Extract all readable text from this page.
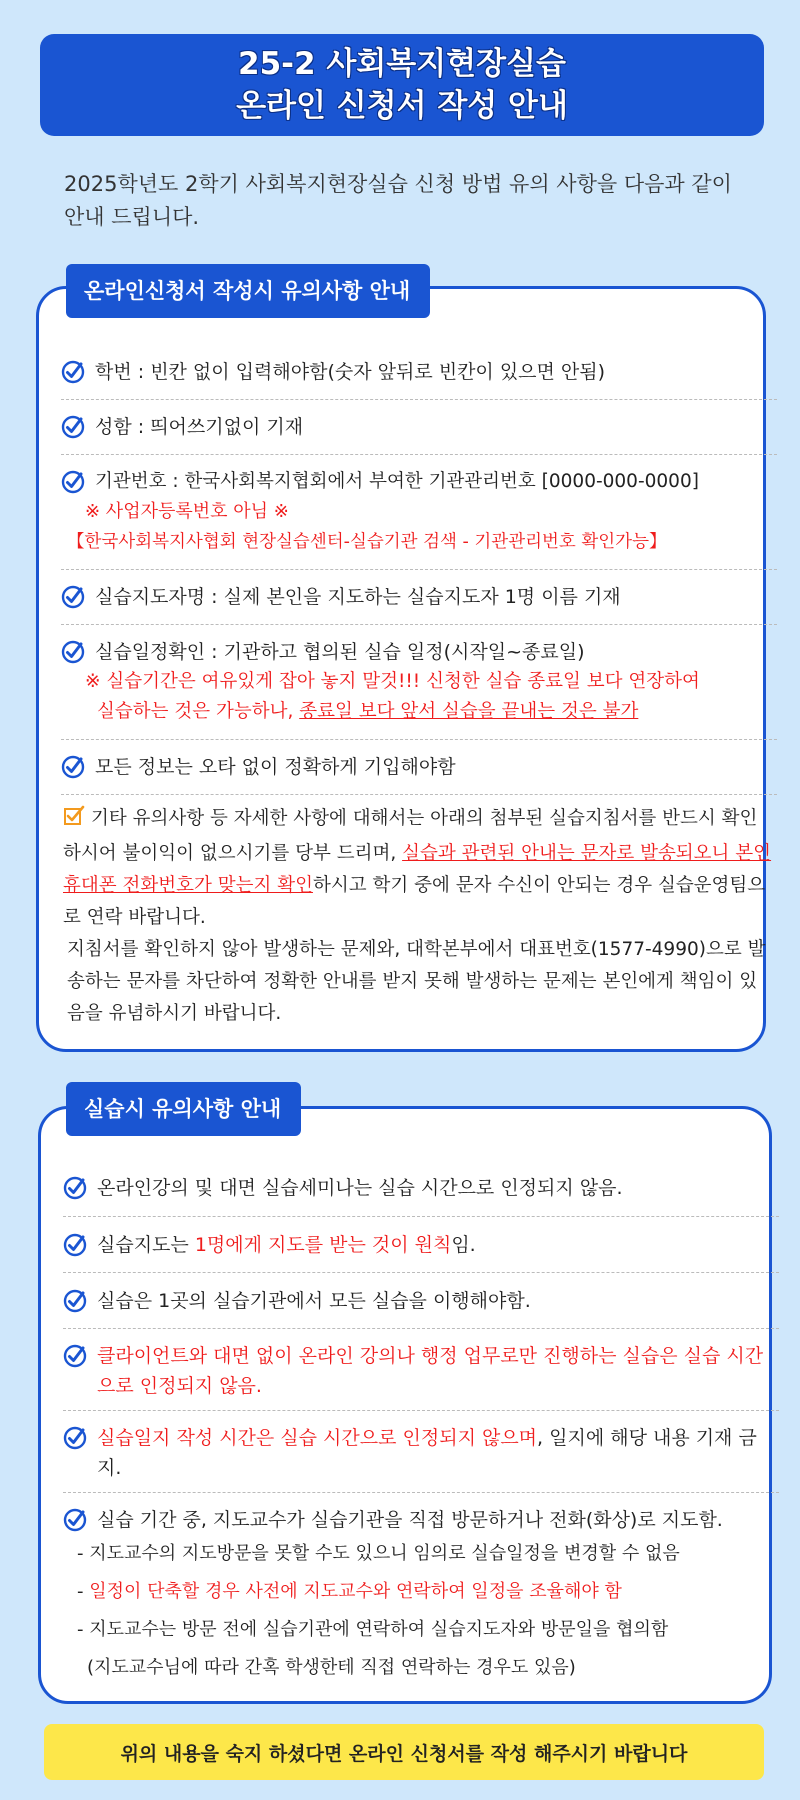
25-2 사회복지현장실습
온라인 신청서 작성 안내
2025학년도 2학기 사회복지현장실습 신청 방법 유의 사항을 다음과 같이 안내 드립니다.
학번 : 빈칸 없이 입력해야함(숫자 앞뒤로 빈칸이 있으면 안됨)
성함 : 띄어쓰기없이 기재
기관번호 : 한국사회복지협회에서 부여한 기관관리번호 [0000-000-0000]
※ 사업자등록번호 아님 ※
【한국사회복지사협회 현장실습센터-실습기관 검색 - 기관관리번호 확인가능】
실습지도자명 : 실제 본인을 지도하는 실습지도자 1명 이름 기재
실습일정확인 : 기관하고 협의된 실습 일정(시작일~종료일)
※ 실습기간은 여유있게 잡아 놓지 말것!!! 신청한 실습 종료일 보다 연장하여
실습하는 것은 가능하나, 종료일 보다 앞서 실습을 끝내는 것은 불가
모든 정보는 오타 없이 정확하게 기입해야함
기타 유의사항 등 자세한 사항에 대해서는 아래의 첨부된 실습지침서를 반드시 확인하시어 불이익이 없으시기를 당부 드리며, 실습과 관련된 안내는 문자로 발송되오니 본인 휴대폰 전화번호가 맞는지 확인하시고 학기 중에 문자 수신이 안되는 경우 실습운영팀으로 연락 바랍니다.
지침서를 확인하지 않아 발생하는 문제와, 대학본부에서 대표번호(1577-4990)으로 발송하는 문자를 차단하여 정확한 안내를 받지 못해 발생하는 문제는 본인에게 책임이 있음을 유념하시기 바랍니다.
온라인신청서 작성시 유의사항 안내
온라인강의 및 대면 실습세미나는 실습 시간으로 인정되지 않음.
실습지도는 1명에게 지도를 받는 것이 원칙임.
실습은 1곳의 실습기관에서 모든 실습을 이행해야함.
클라이언트와 대면 없이 온라인 강의나 행정 업무로만 진행하는 실습은 실습 시간으로 인정되지 않음.
실습일지 작성 시간은 실습 시간으로 인정되지 않으며, 일지에 해당 내용 기재 금지.
실습 기간 중, 지도교수가 실습기관을 직접 방문하거나 전화(화상)로 지도함.
- 지도교수의 지도방문을 못할 수도 있으니 임의로 실습일정을 변경할 수 없음
- 일정이 단축할 경우 사전에 지도교수와 연락하여 일정을 조율해야 함
- 지도교수는 방문 전에 실습기관에 연락하여 실습지도자와 방문일을 협의함
(지도교수님에 따라 간혹 학생한테 직접 연락하는 경우도 있음)
실습시 유의사항 안내
위의 내용을 숙지 하셨다면 온라인 신청서를 작성 해주시기 바랍니다
